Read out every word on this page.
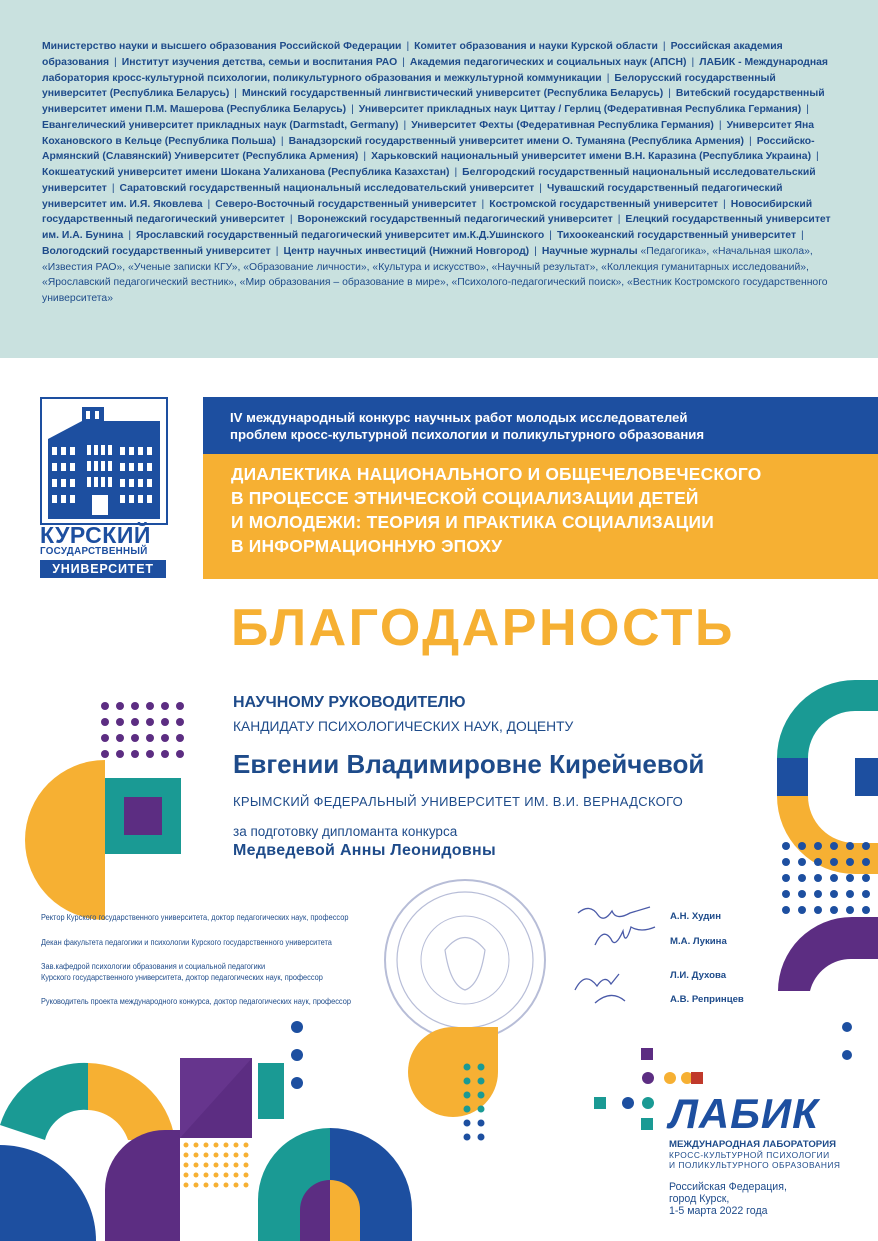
Министерство науки и высшего образования Российской Федерации | Комитет образования и науки Курской области | Российская академия образования | Институт изучения детства, семьи и воспитания РАО | Академия педагогических и социальных наук (АПСН) | ЛАБИК - Международная лаборатория кросс-культурной психологии, поликультурного образования и межкультурной коммуникации | Белорусский государственный университет (Республика Беларусь) | Минский государственный лингвистический университет (Республика Беларусь) | Витебский государственный университет имени П.М. Машерова (Республика Беларусь) | Университет прикладных наук Циттау / Герлиц (Федеративная Республика Германия) |Евангелический университет прикладных наук (Darmstadt, Germany) | Университет Фехты (Федеративная Республика Германия) | Университет Яна Кохановского в Кельце (Республика Польша) | Ванадзорский государственный университет имени О. Туманяна (Республика Армения) | Российско-Армянский (Славянский) Университет (Республика Армения) | Харьковский национальный университет имени В.Н. Каразина (Республика Украина) |Кокшеатуский университет имени Шокана Уалиханова (Республика Казахстан) | Белгородский государственный национальный исследовательский университет | Саратовский государственный национальный исследовательский университет | Чувашский государственный педагогический университет им. И.Я. Яковлева | Северо-Восточный государственный университет | Костромской государственный университет | Новосибирский государственный педагогический университет | Воронежский государственный педагогический университет | Елецкий государственный университет им. И.А. Бунина | Ярославский государственный педагогический университет им.К.Д.Ушинского | Тихоокеанский государственный университет |Вологодский государственный университет | Центр научных инвестиций (Нижний Новгород) | Научные журналы «Педагогика», «Начальная школа», «Известия РАО», «Ученые записки КГУ», «Образование личности», «Культура и искусство», «Научный результат», «Коллекция гуманитарных исследований», «Ярославский педагогический вестник», «Мир образования – образование в мире», «Психолого-педагогический поиск», «Вестник Костромского государственного университета»

КУРСКИЙ
ГОСУДАРСТВЕННЫЙ
УНИВЕРСИТЕТ

IV международный конкурс научных работ молодых исследователей
проблем кросс-культурной психологии и поликультурного образования

ДИАЛЕКТИКА НАЦИОНАЛЬНОГО И ОБЩЕЧЕЛОВЕЧЕСКОГО
В ПРОЦЕССЕ ЭТНИЧЕСКОЙ СОЦИАЛИЗАЦИИ ДЕТЕЙ
И МОЛОДЕЖИ: ТЕОРИЯ И ПРАКТИКА СОЦИАЛИЗАЦИИ
В ИНФОРМАЦИОННУЮ ЭПОХУ

БЛАГОДАРНОСТЬ

НАУЧНОМУ РУКОВОДИТЕЛЮ

КАНДИДАТУ ПСИХОЛОГИЧЕСКИХ НАУК, ДОЦЕНТУ

Евгении Владимировне Кирейчевой

КРЫМСКИЙ ФЕДЕРАЛЬНЫЙ УНИВЕРСИТЕТ ИМ. В.И. ВЕРНАДСКОГО

за подготовку дипломанта конкурса

Медведевой Анны Леонидовны

Ректор Курского государственного университета, доктор педагогических наук, профессор

Декан факультета педагогики и психологии Курского государственного университета

Зав.кафедрой психологии образования и социальной педагогики

Курского государственного университета, доктор педагогических наук, профессор

Руководитель проекта международного конкурса, доктор педагогических наук, профессор

А.Н. Худин

М.А. Лукина

Л.И. Духова

А.В. Репринцев

ЛАБИК

МЕЖДУНАРОДНАЯ ЛАБОРАТОРИЯ

КРОСС-КУЛЬТУРНОЙ ПСИХОЛОГИИ

И ПОЛИКУЛЬТУРНОГО ОБРАЗОВАНИЯ

Российская Федерация,
город Курск,
1-5 марта 2022 года
